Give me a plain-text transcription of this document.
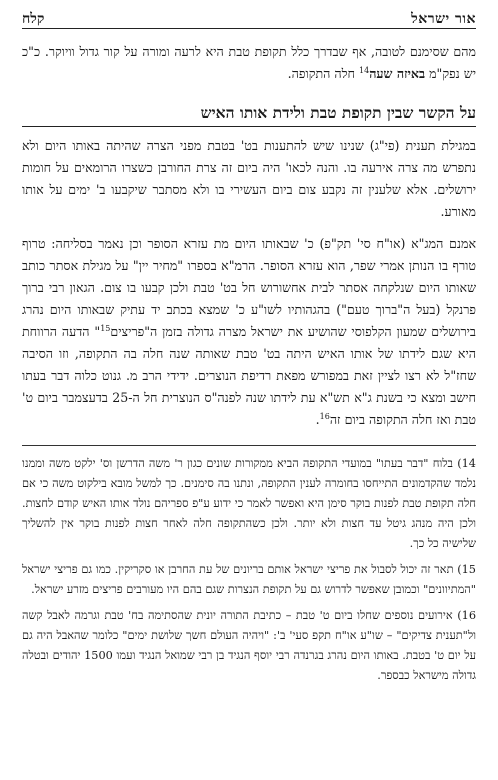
אור ישראל
קלח

מהם שסימנם לטובה, אף שבדרך כלל תקופת טבת היא לרעה ומורה על קור גדול וויוקר. כ"כ יש נפק"מ באיזה שעה$^{14}$ חלה התקופה.

על הקשר שבין תקופת טבת ולידת אותו האיש

במגילת תענית (פי"ג) שנינו שיש להתענות בט' בטבת מפני הצרה שהיתה באותו היום ולא נתפרש מה צרה אירעה בו. והנה לכאו' היה ביום זה צרת החורבן כשצרו הרומאים על חומות ירושלים. אלא שלענין זה נקבע צום ביום העשירי בו ולא מסתבר שיקבעו ב' ימים על אותו מאורע.

אמנם המג"א (או"ח סי' תק"פ) כ' שבאותו היום מת עזרא הסופר וכן נאמר בסליחה: טרוף טורף בו הנותן אמרי שפר, הוא עזרא הסופר. הרמ"א בספרו "מחיר יין" על מגילת אסתר כותב שאותו היום שנלקחה אסתר לבית אחשורוש חל בט' טבת ולכן קבעו בו צום. הגאון רבי ברוך פרנקל (בעל ה"ברוך טעם") בהגהותיו לשו"ע כ' שמצא בכתב יד עתיק שבאותו היום נהרג בירושלים שמעון הקלפוסי שהושיע את ישראל מצרה גדולה בזמן ה"פריצים$^{15}$" הדעה הרווחת היא שגם לידתו של אותו האיש היתה בט' טבת שאותה שנה חלה בה התקופה, וזו הסיבה שחז"ל לא רצו לציין זאת במפורש מפאת רדיפת הנוצרים. ידידי הרב מ. גנוט כלוה דבר בעתו חישב ומצא כי בשנת ג"א תש"א עת לידתו שנה לפנה"ס הנוצרית חל ה-25 בדעצמבר ביום ט' טבת ואז חלה התקופה ביום זה$^{16}$.

14) בלוח "דבר בעתו" במועדי התקופה הביא ממקורות שונים כגון ר' משה הדרשן וס' ילקט משה וממנו נלמד שהקדמונים התייחסו בחומרה לענין התקופה, ונתנו בה סימנים. כך למשל מובא בילקוט משה כי אם חלה תקופת טבת לפנות בוקר סימן היא ואפשר לאמר כי ידוע ע"פ ספריהם נולד אותו האיש קודם לחצות. ולכן היה מנהג גיטל עד חצות ולא יותר. ולכן כשהתקופה חלה לאחר חצות לפנות בוקר אין להשליך שלישיה כל כך.

15) תאר זה יכול לסבול את פריצי ישראל אותם בריונים של עת החרבן או סקריקין. כמו גם פריצי ישראל "המתיוונים" וכמובן שאפשר לדרוש גם על תקופת הנצרות שגם בהם היו מעורבים פריצים מזרע ישראל.

16) אירועים נוספים שחלו ביום ט' טבת – כתיבת התורה יונית שהסתימה בח' טבת וגרמה לאבל קשה ול"תענית צדיקים" – שו"ע או"ח תקפ סעי' ב': "ויהיה העולם חשך שלושת ימים" כלומר שהאבל היה גם על יום ט' בטבת. באותו היום נהרג בגרנדה רבי יוסף הנגיד בן רבי שמואל הנגיד ועמו 1500 יהודים ובטלה גדולה מישראל כבספר.
